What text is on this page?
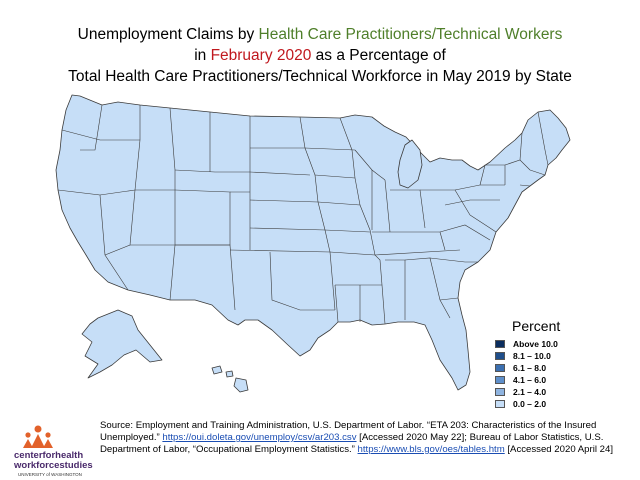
Unemployment Claims by Health Care Practitioners/Technical Workers
in February 2020 as a Percentage of
Total Health Care Practitioners/Technical Workforce in May 2019 by State
Percent
Above 10.0
8.1 – 10.0
6.1 – 8.0
4.1 – 6.0
2.1 – 4.0
0.0 – 2.0
centerforhealth
workforcestudies
UNIVERSITY of WASHINGTON
Source: Employment and Training Administration, U.S. Department of Labor. “ETA 203: Characteristics of the Insured Unemployed.” https://oui.doleta.gov/unemploy/csv/ar203.csv [Accessed 2020 May 22]; Bureau of Labor Statistics, U.S. Department of Labor, “Occupational Employment Statistics.” https://www.bls.gov/oes/tables.htm [Accessed 2020 April 24]
